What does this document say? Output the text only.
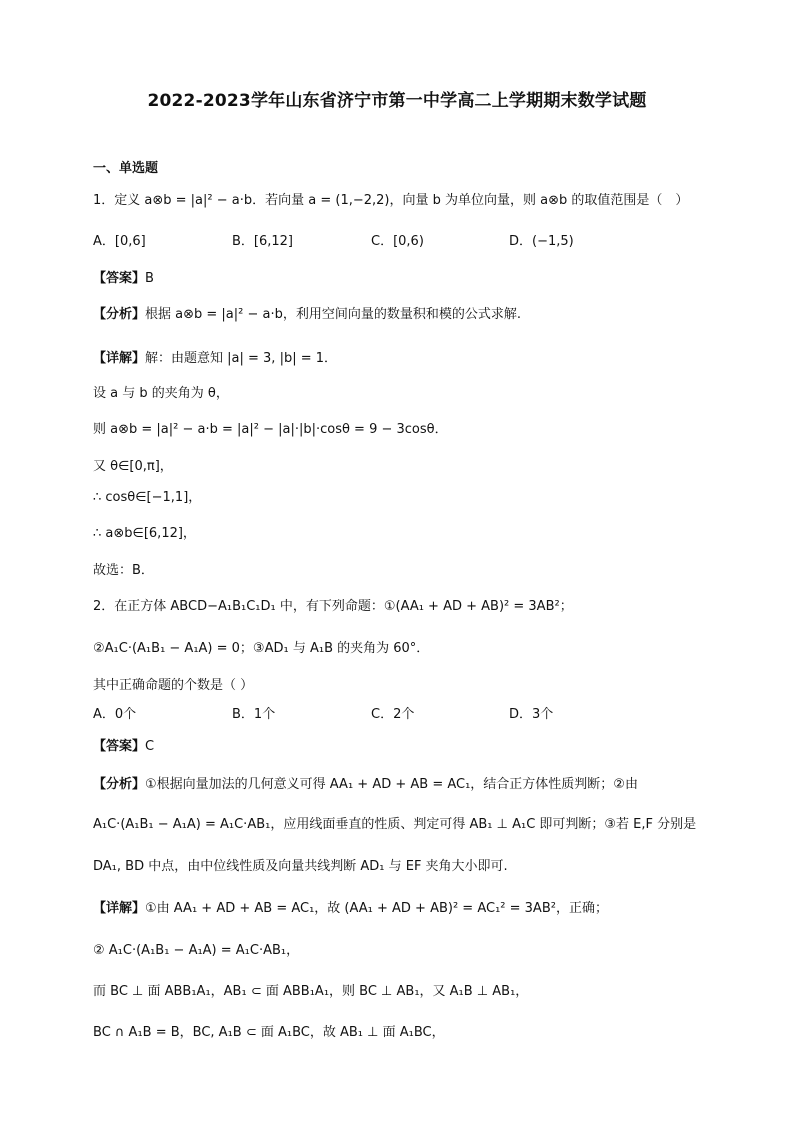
2022-2023学年山东省济宁市第一中学高二上学期期末数学试题
一、单选题
1．定义 a⊗b = |a|² − a·b．若向量 a = (1,−2,2)，向量 b 为单位向量，则 a⊗b 的取值范围是（　）
A．[0,6]	B．[6,12]	C．[0,6)	D．(−1,5)
【答案】B
【分析】根据 a⊗b = |a|² − a·b，利用空间向量的数量积和模的公式求解.
【详解】解：由题意知 |a| = 3, |b| = 1．
设 a 与 b 的夹角为 θ，
则 a⊗b = |a|² − a·b = |a|² − |a|·|b|·cosθ = 9 − 3cosθ．
又 θ∈[0,π]，
∴ cosθ∈[−1,1]，
∴ a⊗b∈[6,12]，
故选：B．
2．在正方体 ABCD−A₁B₁C₁D₁ 中，有下列命题：①(AA₁ + AD + AB)² = 3AB²；
②A₁C·(A₁B₁ − A₁A) = 0；③AD₁ 与 A₁B 的夹角为 60°．
其中正确命题的个数是（ ）
A．0个	B．1个	C．2个	D．3个
【答案】C
【分析】①根据向量加法的几何意义可得 AA₁ + AD + AB = AC₁，结合正方体性质判断；②由
A₁C·(A₁B₁ − A₁A) = A₁C·AB₁，应用线面垂直的性质、判定可得 AB₁ ⊥ A₁C 即可判断；③若 E,F 分别是
DA₁, BD 中点，由中位线性质及向量共线判断 AD₁ 与 EF 夹角大小即可.
【详解】①由 AA₁ + AD + AB = AC₁，故 (AA₁ + AD + AB)² = AC₁² = 3AB²，正确；
② A₁C·(A₁B₁ − A₁A) = A₁C·AB₁，
而 BC ⊥ 面 ABB₁A₁，AB₁ ⊂ 面 ABB₁A₁，则 BC ⊥ AB₁，又 A₁B ⊥ AB₁，
BC ∩ A₁B = B，BC, A₁B ⊂ 面 A₁BC，故 AB₁ ⊥ 面 A₁BC，
